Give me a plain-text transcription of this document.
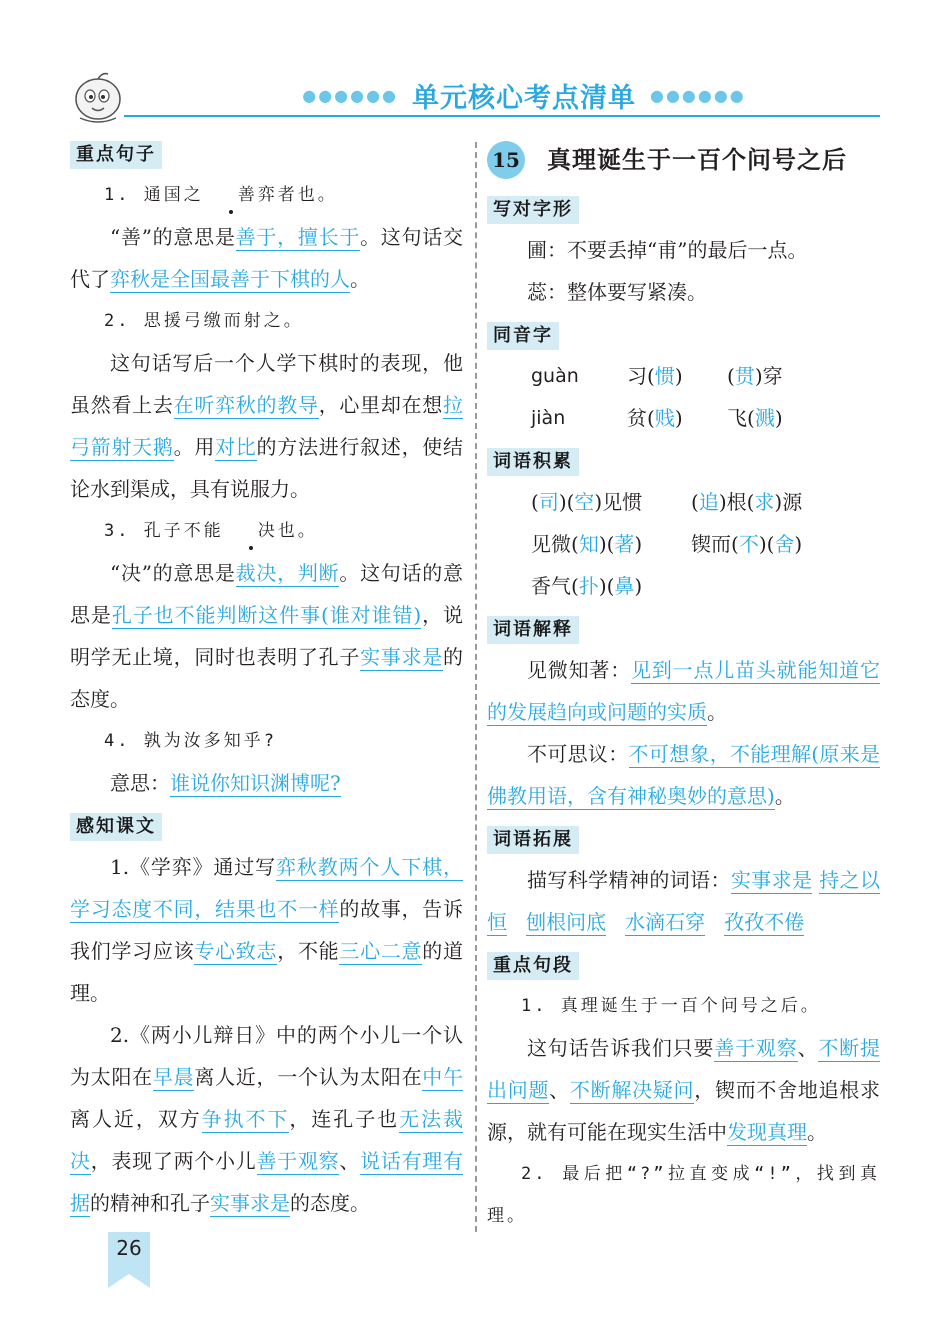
●●●●●● 单元核心考点清单 ●●●●●●
重点句子

1. 通国之 善弈者也。

“善”的意思是善于，擅长于。这句话交代了弈秋是全国最善于下棋的人。

2. 思援弓缴而射之。

这句话写后一个人学下棋时的表现，他虽然看上去在听弈秋的教导，心里却在想拉弓箭射天鹅。用对比的方法进行叙述，使结论水到渠成，具有说服力。

3. 孔子不能 决也。

“决”的意思是裁决，判断。这句话的意思是孔子也不能判断这件事(谁对谁错)，说明学无止境，同时也表明了孔子实事求是的态度。

4. 孰为汝多知乎?

意思：谁说你知识渊博呢?

感知课文

1.《学弈》通过写弈秋教两个人下棋，学习态度不同，结果也不一样的故事，告诉我们学习应该专心致志，不能三心二意的道理。

2.《两小儿辩日》中的两个小儿一个认为太阳在早晨离人近，一个认为太阳在中午离人近，双方争执不下，连孔子也无法裁决，表现了两个小儿善于观察、说话有理有据的精神和孔子实事求是的态度。

15 真理诞生于一百个问号之后
写对字形

圃：不要丢掉“甫”的最后一点。

蕊：整体要写紧凑。

同音字
guàn	习(惯)	(贯)穿
jiàn	贫(贱)	飞(溅)
词语积累
(司)(空)见惯	(追)根(求)源
见微(知)(著)	锲而(不)(舍)
香气(扑)(鼻)
词语解释

见微知著：见到一点儿苗头就能知道它的发展趋向或问题的实质。

不可思议：不可想象，不能理解(原来是佛教用语，含有神秘奥妙的意思)。

词语拓展

描写科学精神的词语：实事求是 持之以恒 刨根问底 水滴石穿 孜孜不倦

重点句段

1. 真理诞生于一百个问号之后。

这句话告诉我们只要善于观察、不断提出问题、不断解决疑问，锲而不舍地追根求源，就有可能在现实生活中发现真理。

2. 最后把“?”拉直变成“!”，找到真理。

26
